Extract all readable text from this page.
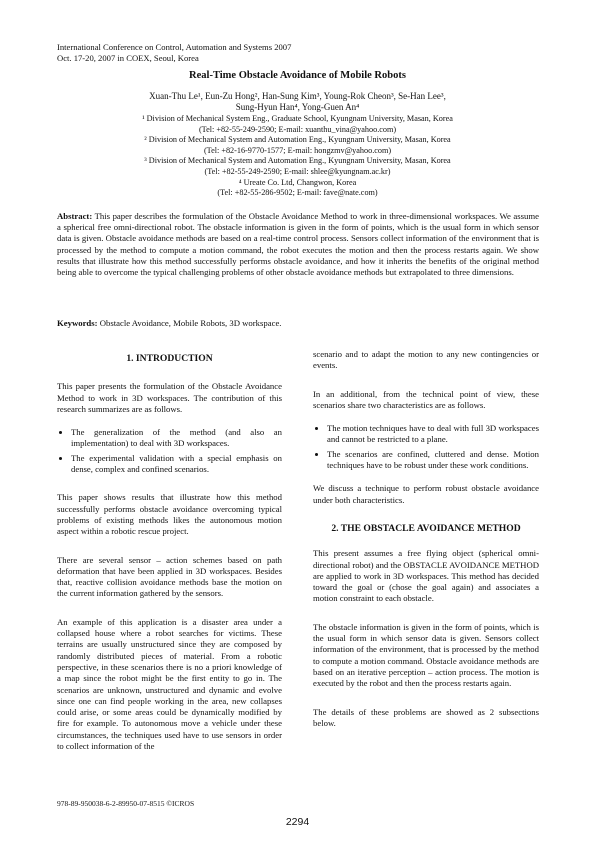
International Conference on Control, Automation and Systems 2007
Oct. 17-20, 2007 in COEX, Seoul, Korea
Real-Time Obstacle Avoidance of Mobile Robots
Xuan-Thu Le¹, Eun-Zu Hong², Han-Sung Kim³, Young-Rok Cheon³, Se-Han Lee³,
Sung-Hyun Han⁴, Yong-Guen An⁴
¹ Division of Mechanical System Eng., Graduate School, Kyungnam University, Masan, Korea
(Tel: +82-55-249-2590; E-mail: xuanthu_vina@yahoo.com)
² Division of Mechanical System and Automation Eng., Kyungnam University, Masan, Korea
(Tel: +82-16-9770-1577; E-mail: hongzmv@yahoo.com)
³ Division of Mechanical System and Automation Eng., Kyungnam University, Masan, Korea
(Tel: +82-55-249-2590; E-mail: shlee@kyungnam.ac.kr)
⁴ Ureate Co. Ltd, Changwon, Korea
(Tel: +82-55-286-9502; E-mail: fave@nate.com)
Abstract: This paper describes the formulation of the Obstacle Avoidance Method to work in three-dimensional workspaces. We assume a spherical free omni-directional robot. The obstacle information is given in the form of points, which is the usual form in which sensor data is given. Obstacle avoidance methods are based on a real-time control process. Sensors collect information of the environment that is processed by the method to compute a motion command, the robot executes the motion and then the process restarts again. We show results that illustrate how this method successfully performs obstacle avoidance, and how it inherits the benefits of the original method being able to overcome the typical challenging problems of other obstacle avoidance methods but extrapolated to three dimensions.
Keywords: Obstacle Avoidance, Mobile Robots, 3D workspace.
1. INTRODUCTION

This paper presents the formulation of the Obstacle Avoidance Method to work in 3D workspaces. The contribution of this research summarizes are as follows.

• The generalization of the method (and also an implementation) to deal with 3D workspaces.
• The experimental validation with a special emphasis on dense, complex and confined scenarios.

This paper shows results that illustrate how this method successfully performs obstacle avoidance overcoming typical problems of existing methods likes the autonomous motion aspect within a robotic rescue project.

There are several sensor – action schemes based on path deformation that have been applied in 3D workspaces. Besides that, reactive collision avoidance methods base the motion on the current information gathered by the sensors.

An example of this application is a disaster area under a collapsed house where a robot searches for victims. These terrains are usually unstructured since they are composed by randomly distributed pieces of material. From a robotic perspective, in these scenarios there is no a priori knowledge of a map since the robot might be the first entity to go in. The scenarios are unknown, unstructured and dynamic and evolve since one can find people working in the area, new collapses could arise, or some areas could be dynamically modified by fire for example. To autonomous move a vehicle under these circumstances, the techniques used have to use sensors in order to collect information of the

scenario and to adapt the motion to any new contingencies or events.

In an additional, from the technical point of view, these scenarios share two characteristics are as follows.

• The motion techniques have to deal with full 3D workspaces and cannot be restricted to a plane.
• The scenarios are confined, cluttered and dense. Motion techniques have to be robust under these work conditions.

We discuss a technique to perform robust obstacle avoidance under both characteristics.

2. THE OBSTACLE AVOIDANCE METHOD

This present assumes a free flying object (spherical omni-directional robot) and the OBSTACLE AVOIDANCE METHOD are applied to work in 3D workspaces. This method has decided toward the goal or (chose the goal again) and associates a motion constraint to each obstacle.

The obstacle information is given in the form of points, which is the usual form in which sensor data is given. Sensors collect information of the environment, that is processed by the method to compute a motion command. Obstacle avoidance methods are based on an iterative perception – action process. The motion is executed by the robot and then the process restarts again.

The details of these problems are showed as 2 subsections below.

978-89-950038-6-2-89950-07-8515 ©ICROS
2294
